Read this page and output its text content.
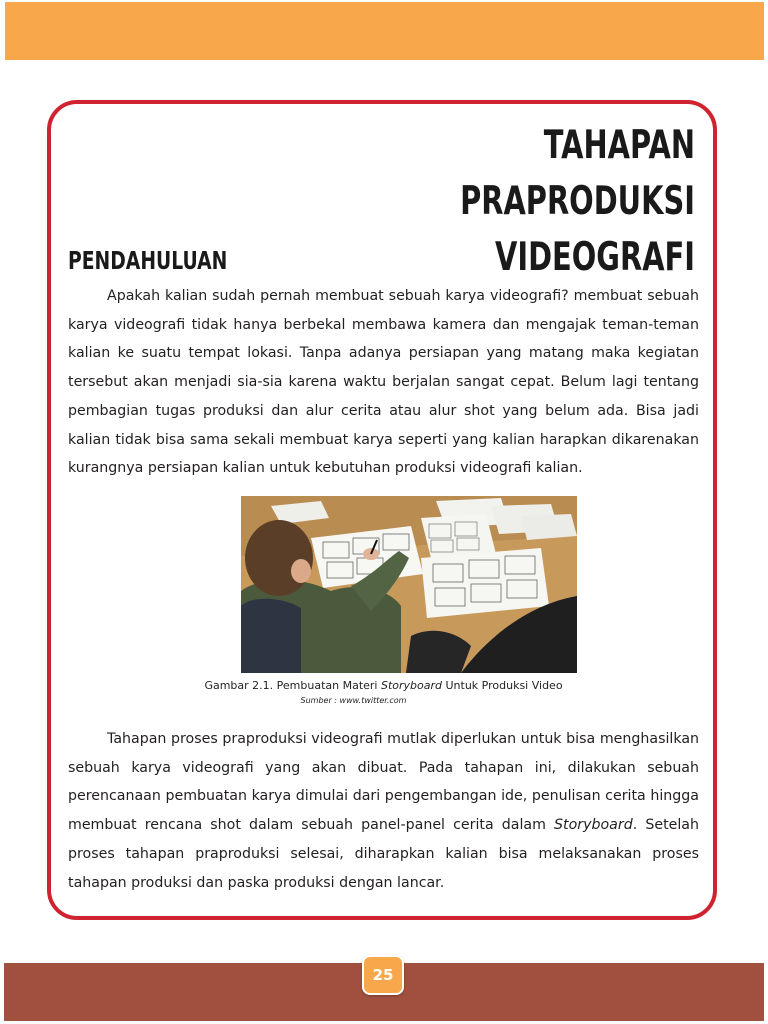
TAHAPAN PRAPRODUKSI
VIDEOGRAFI
PENDAHULUAN

Apakah kalian sudah pernah membuat sebuah karya videografi? membuat sebuah karya videografi tidak hanya berbekal membawa kamera dan mengajak teman-teman kalian ke suatu tempat lokasi. Tanpa adanya persiapan yang matang maka kegiatan tersebut akan menjadi sia-sia karena waktu berjalan sangat cepat. Belum lagi tentang pembagian tugas produksi dan alur cerita atau alur shot yang belum ada. Bisa jadi kalian tidak bisa sama sekali membuat karya seperti yang kalian harapkan dikarenakan kurangnya persiapan kalian untuk kebutuhan produksi videografi kalian.

Gambar 2.1. Pembuatan Materi Storyboard Untuk Produksi Video
Sumber : www.twitter.com

Tahapan proses praproduksi videografi mutlak diperlukan untuk bisa menghasilkan sebuah karya videografi yang akan dibuat. Pada tahapan ini, dilakukan sebuah perencanaan pembuatan karya dimulai dari pengembangan ide, penulisan cerita hingga membuat rencana shot dalam sebuah panel-panel cerita dalam Storyboard. Setelah proses tahapan praproduksi selesai, diharapkan kalian bisa melaksanakan proses tahapan produksi dan paska produksi dengan lancar.

25
